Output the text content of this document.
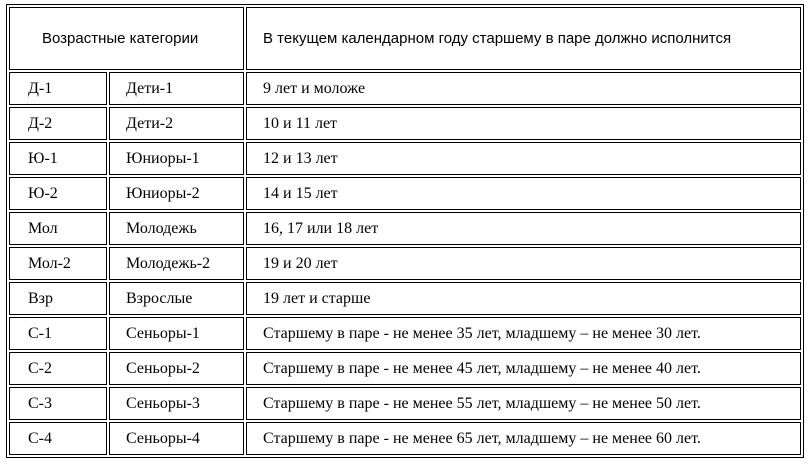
Возрастные категории		В текущем календарном году старшему в паре должно исполнится
Д-1	Дети-1	9 лет и моложе
Д-2	Дети-2	10 и 11 лет
Ю-1	Юниоры-1	12 и 13 лет
Ю-2	Юниоры-2	14 и 15 лет
Мол	Молодежь	16, 17 или 18 лет
Мол-2	Молодежь-2	19 и 20 лет
Взр	Взрослые	19 лет и старше
С-1	Сеньоры-1	Старшему в паре - не менее 35 лет, младшему – не менее 30 лет.
С-2	Сеньоры-2	Старшему в паре - не менее 45 лет, младшему – не менее 40 лет.
С-3	Сеньоры-3	Старшему в паре - не менее 55 лет, младшему – не менее 50 лет.
С-4	Сеньоры-4	Старшему в паре - не менее 65 лет, младшему – не менее 60 лет.
